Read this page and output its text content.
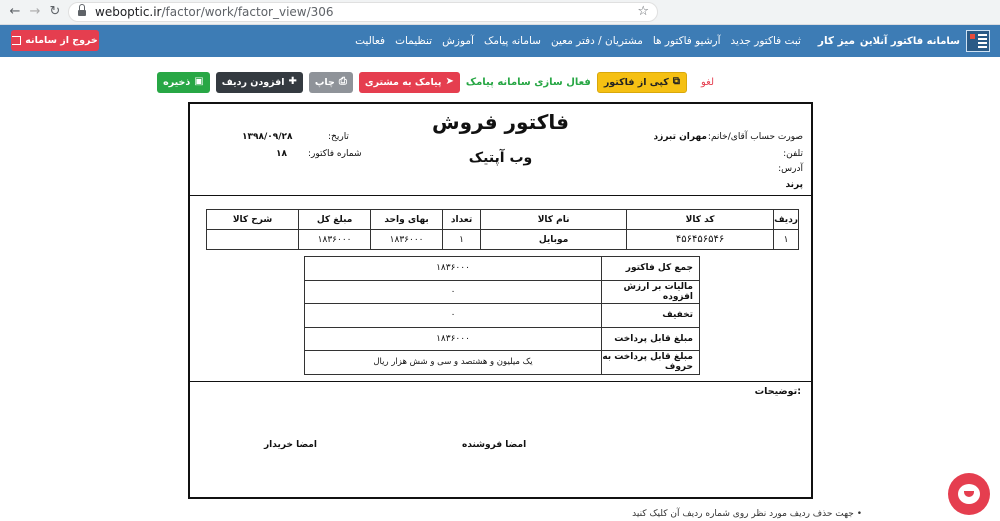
← → ↻	weboptic.ir/factor/work/factor_view/306	☆
سامانه فاکتور آنلاین
میز کار
ثبت فاکتور جدید
آرشیو فاکتور ها
مشتریان / دفتر معین
سامانه پیامک
آموزش
تنظیمات
فعالیت
خروج از سامانه
لغو
⧉
کپی از فاکتور
فعال سازی سامانه پیامک
➤
پیامک به مشتری
⎙
چاپ
✚
افزودن ردیف
▣
ذخیره
فاکتور فروش
وب آپتیک
صورت حساب آقای/خانم:
مهران تبرزد
تلفن:
آدرس:
پرند
تاریخ:
۱۳۹۸/۰۹/۲۸
شماره فاکتور:
۱۸
ردیف	کد کالا	نام کالا	تعداد	بهای واحد	مبلغ کل	شرح کالا
۱	۴۵۶۴۵۶۵۴۶	موبایل	۱	۱۸۳۶۰۰۰	۱۸۳۶۰۰۰	
جمع کل فاکتور	۱۸۳۶۰۰۰
مالیات بر ارزش افزوده	۰
تخفیف	۰
مبلغ قابل پرداخت	۱۸۳۶۰۰۰
مبلغ قابل پرداخت به حروف	یک میلیون و هشتصد و سی و شش هزار ریال
توضیحات:
امضا فروشنده
امضا خریدار
• جهت حذف ردیف مورد نظر روی شماره ردیف آن کلیک کنید
